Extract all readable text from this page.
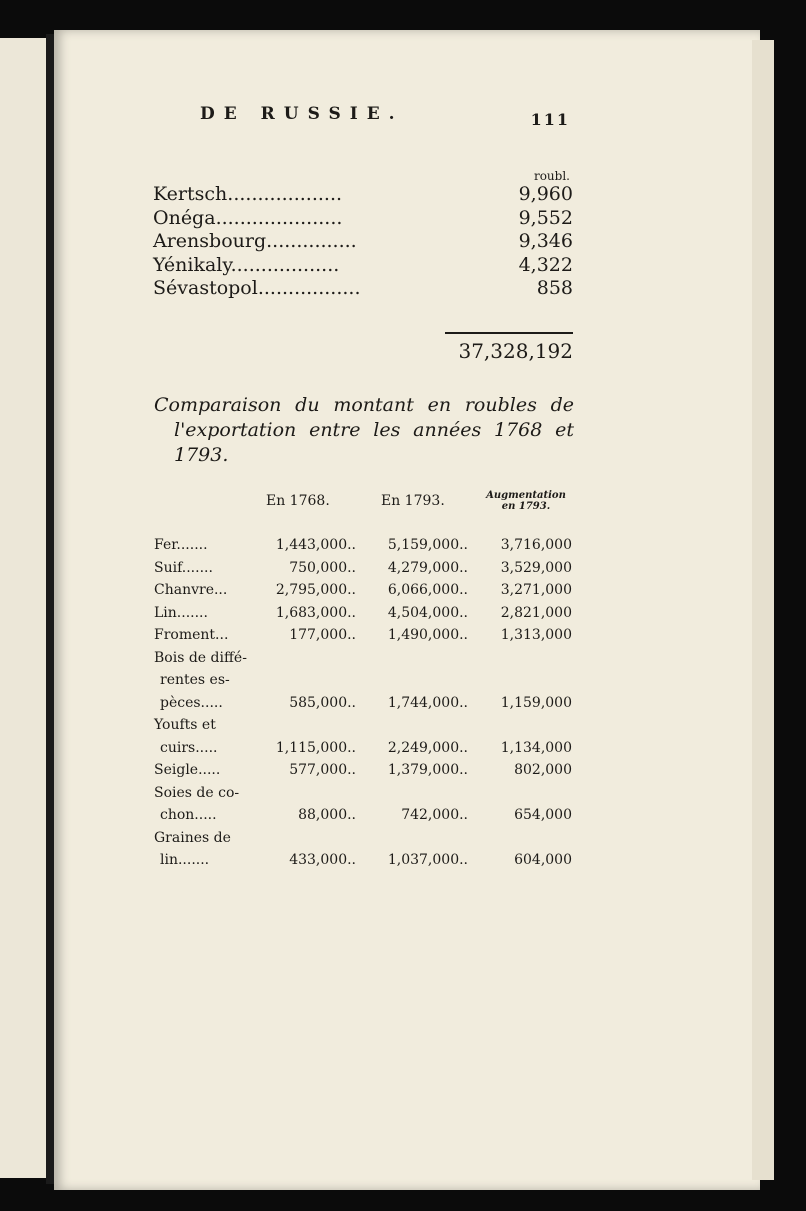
DE RUSSIE.	111
roubl.
Kertsch...................	9,960
Onéga.....................	9,552
Arensbourg...............	9,346
Yénikaly..................	4,322
Sévastopol.................	858
37,328,192
Comparaison du montant en roubles de
l'exportation entre les années 1768 et
1793.
En 1768.	En 1793.	Augmentation
en 1793.
Fer.......	1,443,000..	5,159,000..	3,716,000
Suif.......	750,000..	4,279,000..	3,529,000
Chanvre...	2,795,000..	6,066,000..	3,271,000
Lin.......	1,683,000..	4,504,000..	2,821,000
Froment...	177,000..	1,490,000..	1,313,000
Bois de diffé-
rentes es-
pèces.....	585,000..	1,744,000..	1,159,000
Youfts et
cuirs.....	1,115,000..	2,249,000..	1,134,000
Seigle.....	577,000..	1,379,000..	802,000
Soies de co-
chon.....	88,000..	742,000..	654,000
Graines de
lin.......	433,000..	1,037,000..	604,000
